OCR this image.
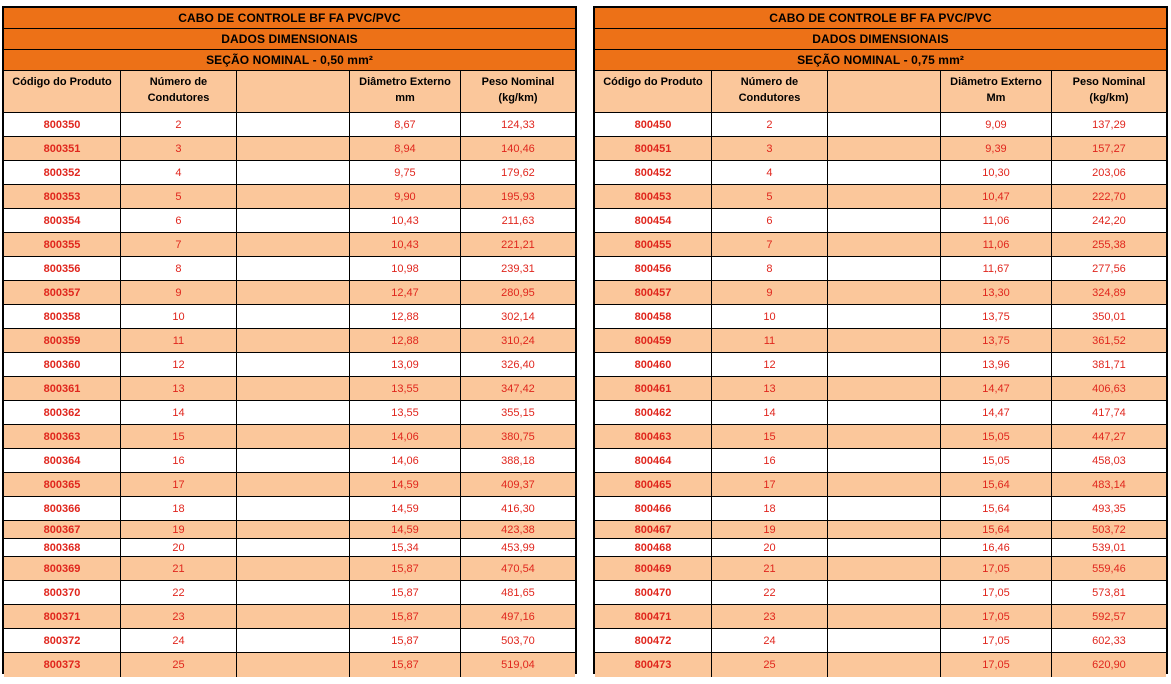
CABO DE CONTROLE BF FA PVC/PVC
DADOS DIMENSIONAIS
SEÇÃO NOMINAL - 0,50 mm²
Código do Produto	Número de
Condutores
Diâmetro Externo
mm
Peso Nominal
(kg/km)
800350	2	8,67	124,33
800351	3	8,94	140,46
800352	4	9,75	179,62
800353	5	9,90	195,93
800354	6	10,43	211,63
800355	7	10,43	221,21
800356	8	10,98	239,31
800357	9	12,47	280,95
800358	10	12,88	302,14
800359	11	12,88	310,24
800360	12	13,09	326,40
800361	13	13,55	347,42
800362	14	13,55	355,15
800363	15	14,06	380,75
800364	16	14,06	388,18
800365	17	14,59	409,37
800366	18	14,59	416,30
800367	19	14,59	423,38
800368	20	15,34	453,99
800369	21	15,87	470,54
800370	22	15,87	481,65
800371	23	15,87	497,16
800372	24	15,87	503,70
800373	25	15,87	519,04
CABO DE CONTROLE BF FA PVC/PVC
DADOS DIMENSIONAIS
SEÇÃO NOMINAL - 0,75 mm²
Código do Produto	Número de
Condutores
Diâmetro Externo
Mm
Peso Nominal
(kg/km)
800450	2	9,09	137,29
800451	3	9,39	157,27
800452	4	10,30	203,06
800453	5	10,47	222,70
800454	6	11,06	242,20
800455	7	11,06	255,38
800456	8	11,67	277,56
800457	9	13,30	324,89
800458	10	13,75	350,01
800459	11	13,75	361,52
800460	12	13,96	381,71
800461	13	14,47	406,63
800462	14	14,47	417,74
800463	15	15,05	447,27
800464	16	15,05	458,03
800465	17	15,64	483,14
800466	18	15,64	493,35
800467	19	15,64	503,72
800468	20	16,46	539,01
800469	21	17,05	559,46
800470	22	17,05	573,81
800471	23	17,05	592,57
800472	24	17,05	602,33
800473	25	17,05	620,90
